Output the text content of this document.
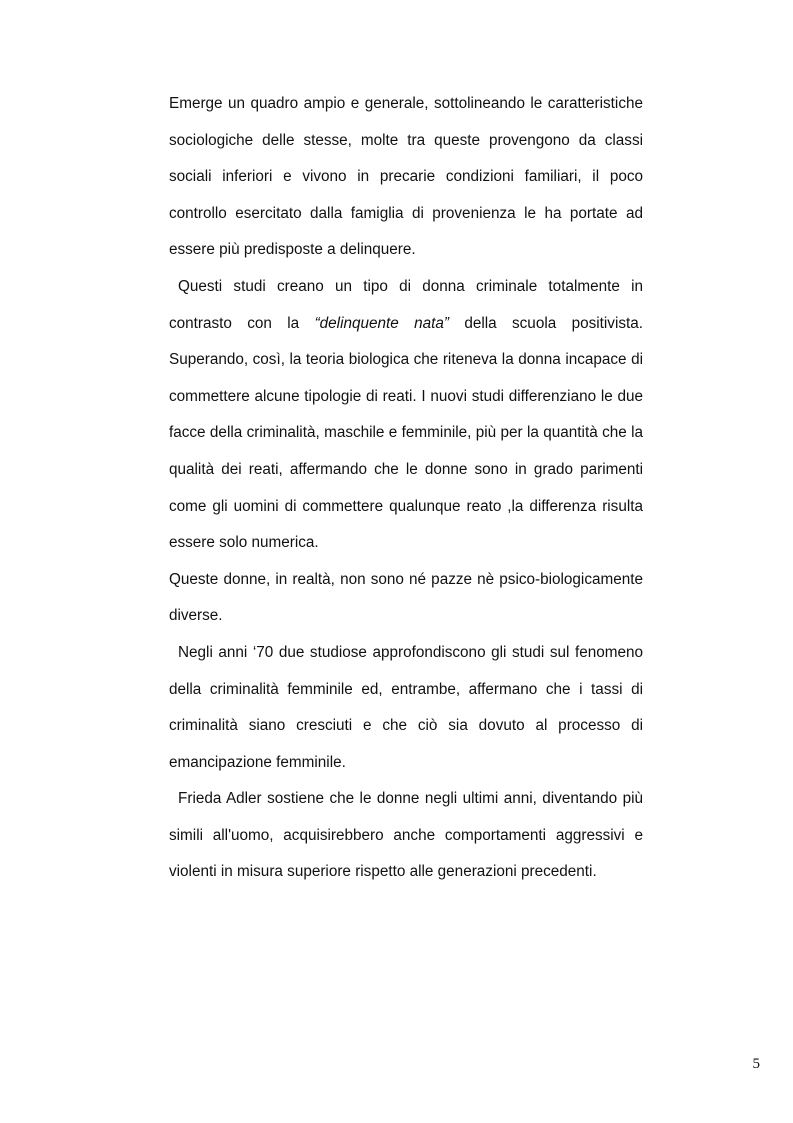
Emerge un quadro ampio e generale, sottolineando le caratteristiche sociologiche delle stesse, molte tra queste provengono da classi sociali inferiori e vivono in precarie condizioni familiari, il poco controllo esercitato dalla famiglia di provenienza le ha portate ad essere più predisposte a delinquere.

Questi studi creano un tipo di donna criminale totalmente in contrasto con la “delinquente nata” della scuola positivista. Superando, così, la teoria biologica che riteneva la donna incapace di commettere alcune tipologie di reati. I nuovi studi differenziano le due facce della criminalità, maschile e femminile, più per la quantità che la qualità dei reati, affermando che le donne sono in grado parimenti come gli uomini di commettere qualunque reato ,la differenza risulta essere solo numerica.

Queste donne, in realtà, non sono né pazze nè psico-biologicamente diverse.

Negli anni ‘70 due studiose approfondiscono gli studi sul fenomeno della criminalità femminile ed, entrambe, affermano che i tassi di criminalità siano cresciuti e che ciò sia dovuto al processo di emancipazione femminile.

Frieda Adler sostiene che le donne negli ultimi anni, diventando più simili all'uomo, acquisirebbero anche comportamenti aggressivi e violenti in misura superiore rispetto alle generazioni precedenti.

5
